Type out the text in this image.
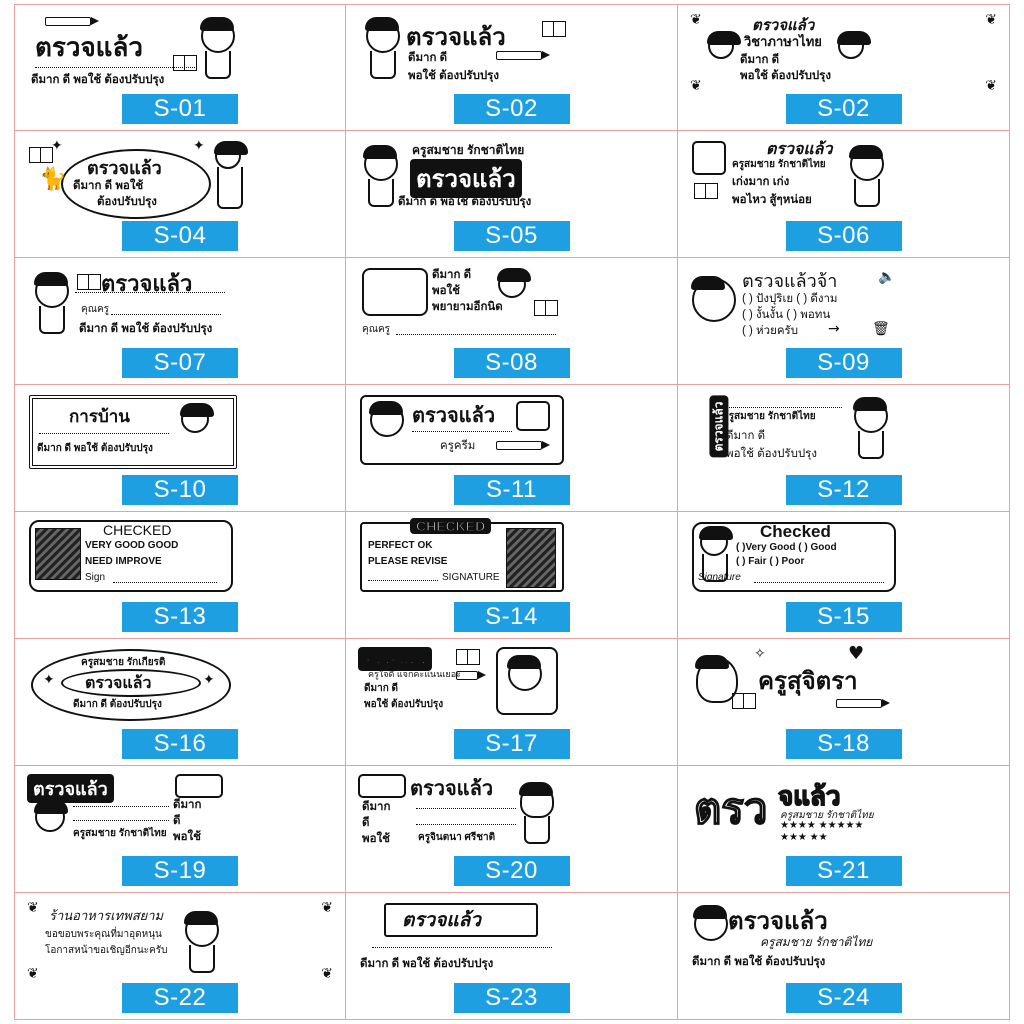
ตรวจแล้ว
ดีมาก ดี พอใช้ ต้องปรับปรุง
S-01
ตรวจแล้ว
ดีมาก ดี
พอใช้ ต้องปรับปรุง
S-02
❦	❦
❦	❦
ตรวจแล้ว
วิชาภาษาไทย
ดีมาก ดี
พอใช้ ต้องปรับปรุง
S-02
ตรวจแล้ว
ดีมาก ดี พอใช้
ต้องปรับปรุง
🐈
✦
✦
S-04
ครูสมชาย รักชาติไทย
ตรวจแล้ว
ดีมาก ดี พอใช้ ต้องปรับปรุง
S-05
ตรวจแล้ว
ครูสมชาย รักชาติไทย
เก่งมาก เก่ง
พอไหว สู้ๆหน่อย
S-06
ตรวจแล้ว
คุณครู
ดีมาก ดี พอใช้ ต้องปรับปรุง
S-07
ดีมาก ดี
พอใช้
พยายามอีกนิด
คุณครู
S-08
ตรวจแล้วจ้า	🔈
( ) ปังปุริเย ( ) ดีงาม
( ) งั้นงั้น ( ) พอทน
( ) ห่วยครับ → 🗑
S-09
การบ้าน
ดีมาก ดี พอใช้ ต้องปรับปรุง
S-10
ตรวจแล้ว
ครูครีม
S-11
ตรวจแล้ว
ครูสมชาย รักชาติไทย
ดีมาก ดี
พอใช้ ต้องปรับปรุง
S-12
CHECKED
VERY GOOD GOOD
NEED IMPROVE
Sign
S-13
CHECKED
PERFECT OK
PLEASE REVISE
SIGNATURE
S-14
Checked
( )Very Good ( ) Good
( ) Fair ( ) Poor
Signature
S-15
ครูสมชาย รักเกียรติ
ตรวจแล้ว
✦	✦
ดีมาก ดี ต้องปรับปรุง
S-16
ตรวจแล้ว
ครูใจดี แจกคะแนนเยอะ
ดีมาก ดี
พอใช้ ต้องปรับปรุง
S-17
✧	♥
ครูสุจิตรา
S-18
ตรวจแล้ว
ครูสมชาย รักชาติไทย
ดีมาก
ดี
พอใช้
S-19
ตรวจแล้ว
ดีมาก
ดี
พอใช้	ครูจินตนา ศรีชาติ
S-20
ตรว จแล้ว
ครูสมชาย รักชาติไทย
★★★★ ★★★★★
★★★ ★★
S-21
❦	❦
❦	❦
ร้านอาหารเทพสยาม
ขอขอบพระคุณที่มาอุดหนุน
โอกาสหน้าขอเชิญอีกนะครับ
S-22
ตรวจแล้ว
ดีมาก ดี พอใช้ ต้องปรับปรุง
S-23
ตรวจแล้ว
ครูสมชาย รักชาติไทย
ดีมาก ดี พอใช้ ต้องปรับปรุง
S-24
